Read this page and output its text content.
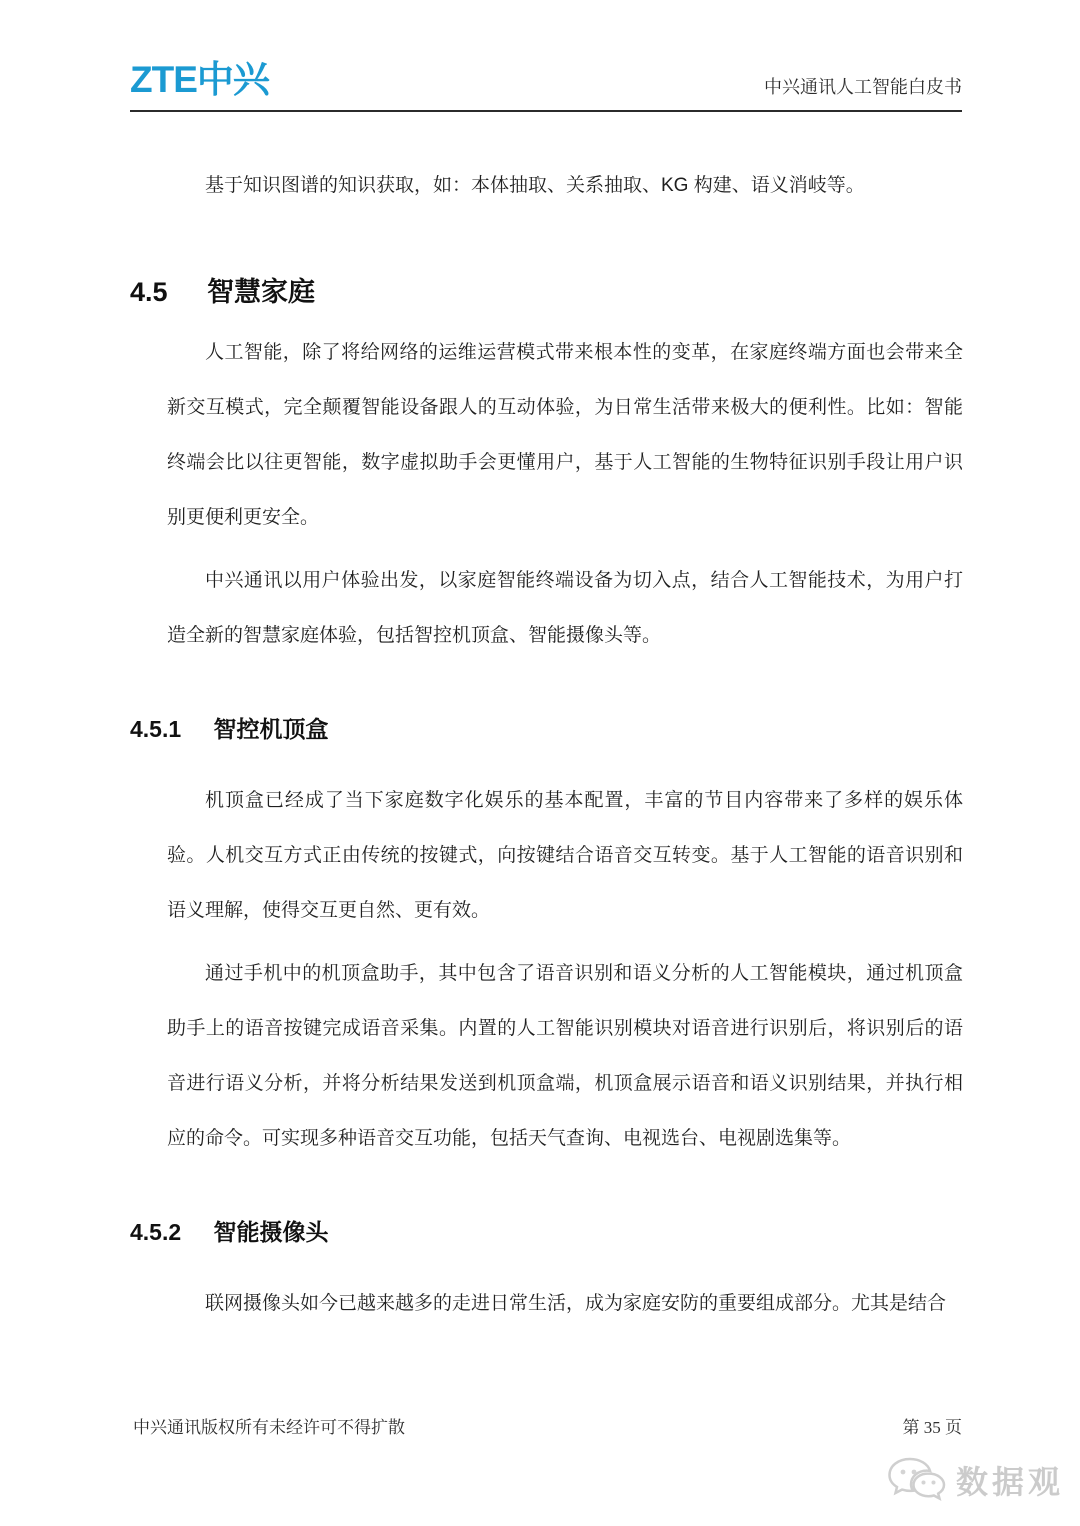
ZTE中兴	中兴通讯人工智能白皮书

基于知识图谱的知识获取，如：本体抽取、关系抽取、KG 构建、语义消岐等。

4.5 智慧家庭

人工智能，除了将给网络的运维运营模式带来根本性的变革，在家庭终端方面也会带来全新交互模式，完全颠覆智能设备跟人的互动体验，为日常生活带来极大的便利性。比如：智能终端会比以往更智能，数字虚拟助手会更懂用户，基于人工智能的生物特征识别手段让用户识别更便利更安全。

中兴通讯以用户体验出发，以家庭智能终端设备为切入点，结合人工智能技术，为用户打造全新的智慧家庭体验，包括智控机顶盒、智能摄像头等。

4.5.1 智控机顶盒

机顶盒已经成了当下家庭数字化娱乐的基本配置，丰富的节目内容带来了多样的娱乐体验。人机交互方式正由传统的按键式，向按键结合语音交互转变。基于人工智能的语音识别和语义理解，使得交互更自然、更有效。

通过手机中的机顶盒助手，其中包含了语音识别和语义分析的人工智能模块，通过机顶盒助手上的语音按键完成语音采集。内置的人工智能识别模块对语音进行识别后，将识别后的语音进行语义分析，并将分析结果发送到机顶盒端，机顶盒展示语音和语义识别结果，并执行相应的命令。可实现多种语音交互功能，包括天气查询、电视选台、电视剧选集等。

4.5.2 智能摄像头

联网摄像头如今已越来越多的走进日常生活，成为家庭安防的重要组成部分。尤其是结合

中兴通讯版权所有未经许可不得扩散	第 35 页
数据观
